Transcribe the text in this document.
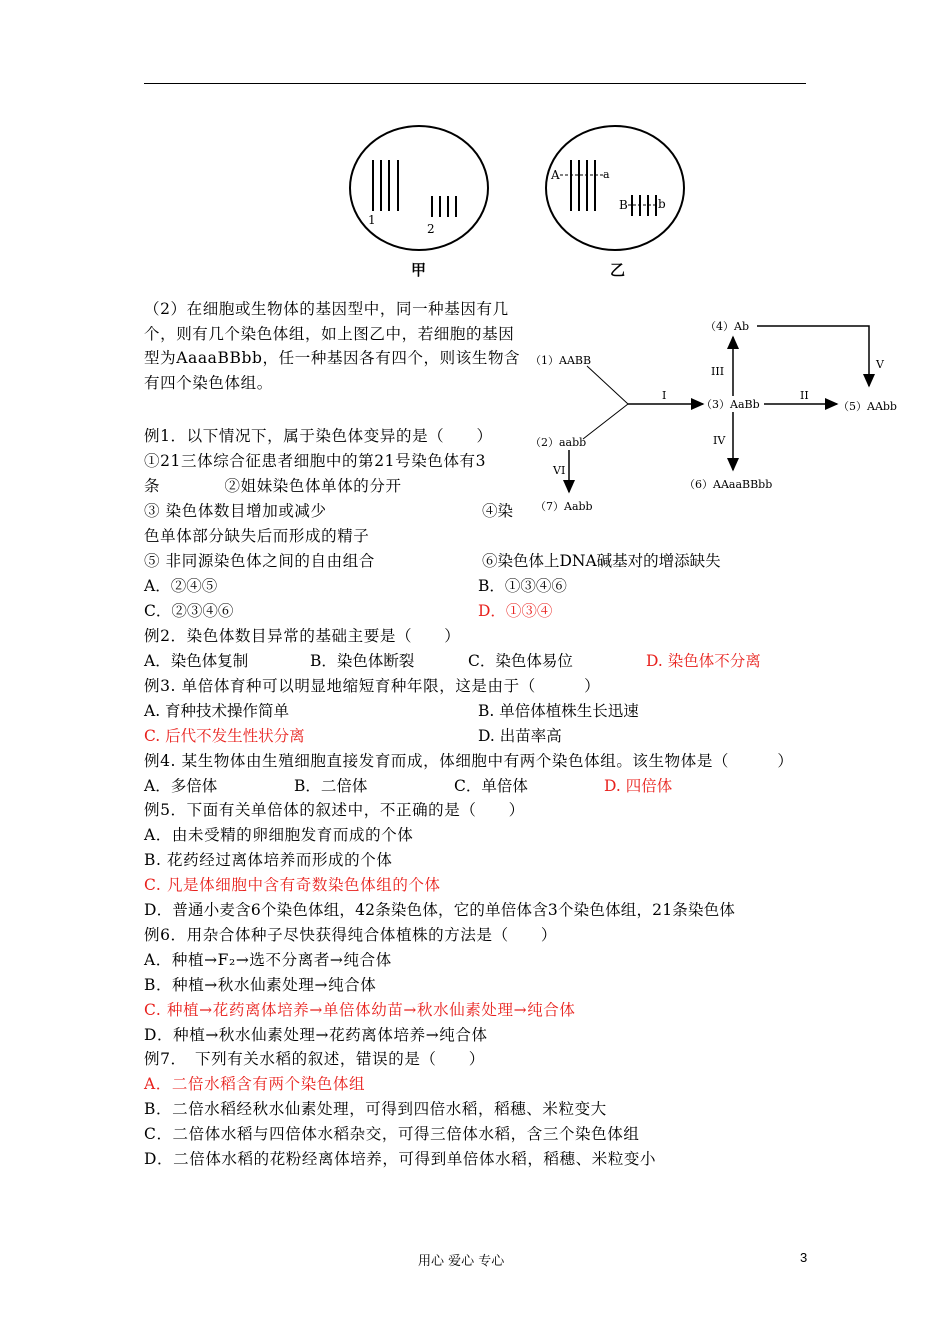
1
2
A	a
B	b
甲	乙
（2）在细胞或生物体的基因型中，同一种基因有几个，则有几个染色体组，如上图乙中，若细胞的基因型为AaaaBBbb，任一种基因各有四个，则该生物含有四个染色体组。
（1）AABB
（2）aabb
（3）AaBb
（4）Ab
（5）AAbb
（6）AAaaBBbb
（7）Aabb
I	II
III
IV
V
VI
例1．以下情况下，属于染色体变异的是（　　）
①21三体综合征患者细胞中的第21号染色体有3
条　　　　②姐妹染色体单体的分开
③ 染色体数目增加或减少	④染
色单体部分缺失后而形成的精子
⑤ 非同源染色体之间的自由组合	⑥染色体上DNA碱基对的增添缺失
A．②④⑤	B．①③④⑥
C．②③④⑥	D．①③④
例2．染色体数目异常的基础主要是（　　）
A．染色体复制	B．染色体断裂	C．染色体易位	D. 染色体不分离
例3. 单倍体育种可以明显地缩短育种年限，这是由于（　　　）
A. 育种技术操作简单	B. 单倍体植株生长迅速
C. 后代不发生性状分离	D. 出苗率高
例4. 某生物体由生殖细胞直接发育而成，体细胞中有两个染色体组。该生物体是（　　　）
A．多倍体	B．二倍体	C．单倍体	D. 四倍体
例5．下面有关单倍体的叙述中，不正确的是（　　）
A．由未受精的卵细胞发育而成的个体
B. 花药经过离体培养而形成的个体
C. 凡是体细胞中含有奇数染色体组的个体
D．普通小麦含6个染色体组，42条染色体，它的单倍体含3个染色体组，21条染色体
例6．用杂合体种子尽快获得纯合体植株的方法是（　　）
A．种植→F₂→选不分离者→纯合体
B．种植→秋水仙素处理→纯合体
C. 种植→花药离体培养→单倍体幼苗→秋水仙素处理→纯合体
D．种植→秋水仙素处理→花药离体培养→纯合体
例7．　下列有关水稻的叙述，错误的是（　　）
A．二倍水稻含有两个染色体组
B．二倍水稻经秋水仙素处理，可得到四倍水稻，稻穗、米粒变大
C．二倍体水稻与四倍体水稻杂交，可得三倍体水稻，含三个染色体组
D．二倍体水稻的花粉经离体培养，可得到单倍体水稻，稻穗、米粒变小
用心 爱心 专心	3
